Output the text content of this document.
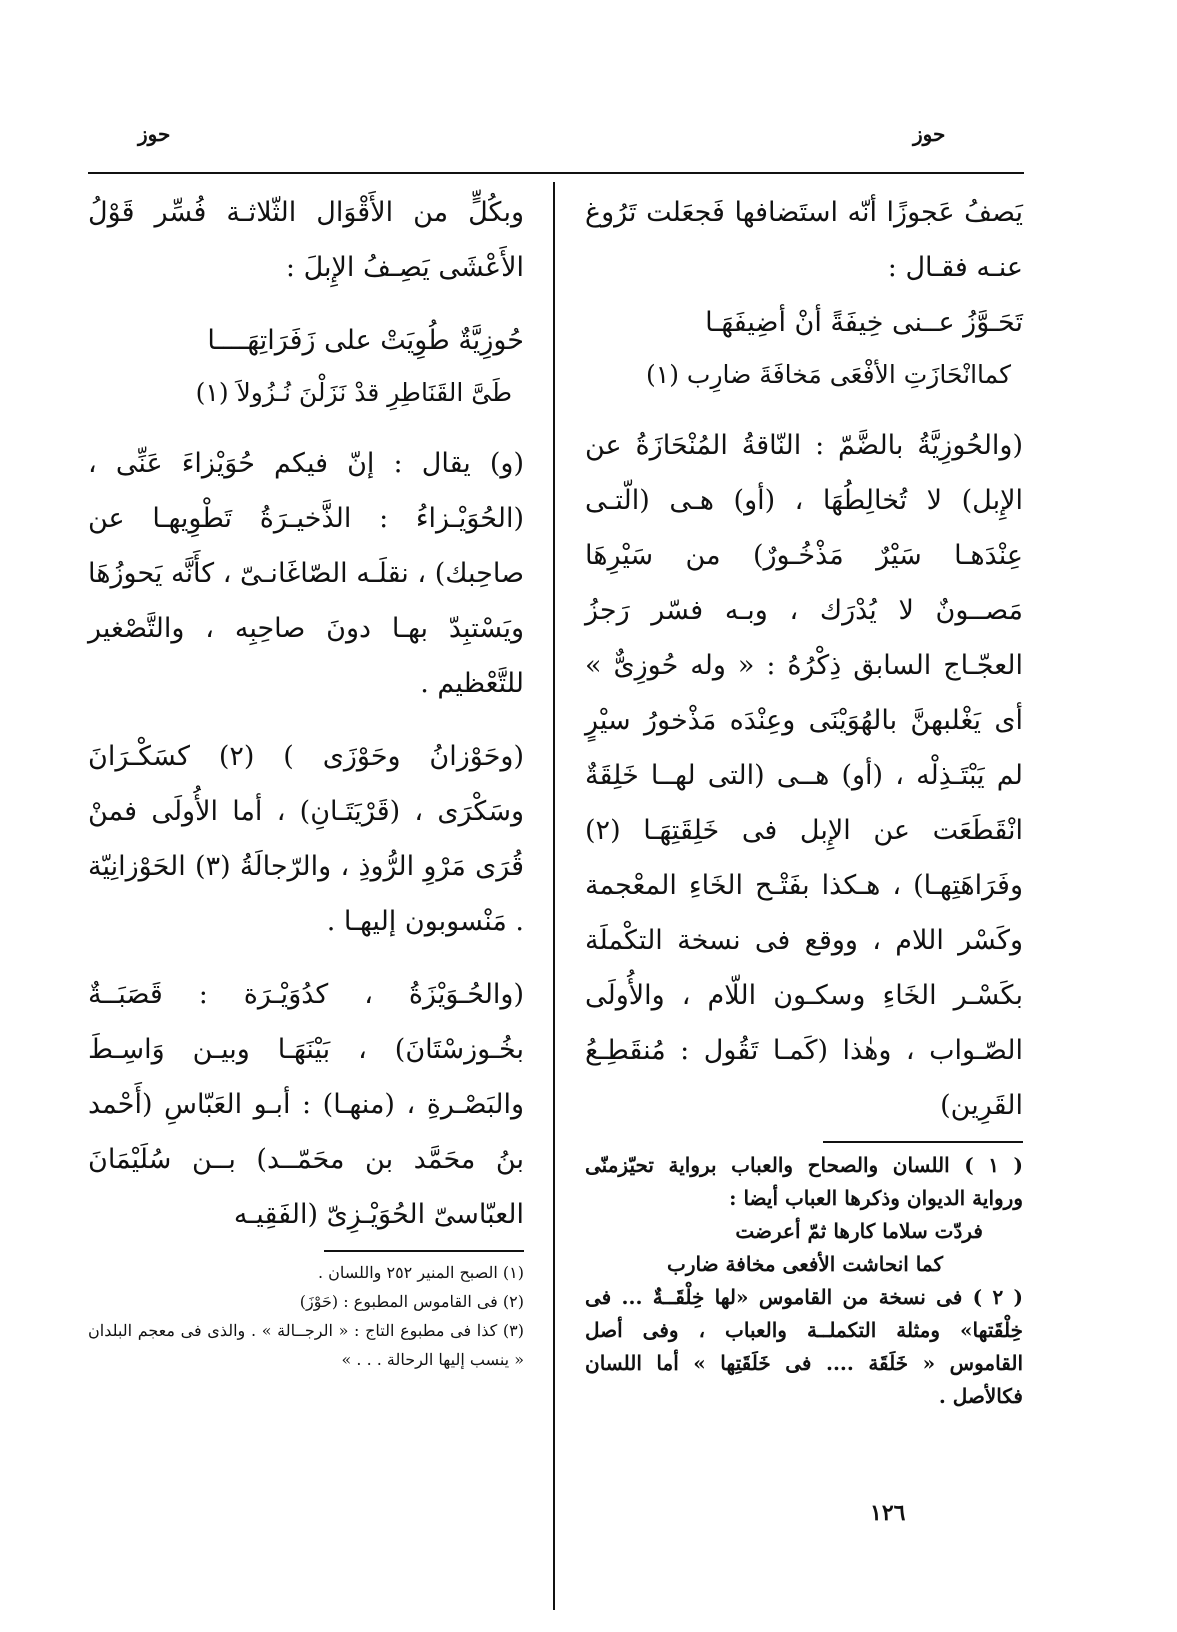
حوز
حوز

يَصفُ عَجوزًا أنّه استَضافها فَجعَلت تَرُوغ عنـه فقـال :

تَحَـوَّزُ عــنى خِيفَةً أنْ أضِيفَهَـا

كماانْحَازَتِ الأفْعَى مَخافَةَ ضارِب (١)

(والحُوزِيَّةُ بالضَّمّ : النّاقةُ المُنْحَازَةُ عن الإِبل) لا تُخالِطُهَا ، (أو) هـى (الّتـى عِنْدَهـا سَيْرٌ مَذْخُـورٌ) من سَيْرِهَا مَصــونٌ لا يُدْرَك ، وبـه فسّر رَجزُ العجّـاج السابق ذِكْرُهُ : « وله حُوزِىٌّ » أى يَغْلبهنَّ بالهُوَيْنَى وعِنْدَه مَذْخورُ سيْرٍ لم يَبْتَـذِلْه ، (أو) هــى (التى لهــا خَلِقَةٌ انْقَطَعَت عن الإِبل فى خَلِقَتِهَـا (٢) وفَرَاهَتِهـا) ، هـكذا بفَتْـح الخَاءِ المعْجمة وكَسْر اللام ، ووقع فى نسخة التكْملَة بكَسْـر الخَاءِ وسكـون اللّام ، والأُولَى الصّـواب ، وهٰذا (كَمـا تَقُول : مُنقَطِـعُ القَرِين)

( ١ ) اللسان والصحاح والعباب برواية تحيّزمنّى ورواية الديوان وذكرها العباب أيضا :

فردّت سلاما كارها ثمّ أعرضت

كما انحاشت الأفعى مخافة ضارب

( ٢ ) فى نسخة من القاموس «لها خِلْقَــةٌ ... فى خِلْقَتها» ومثلة التكملــة والعباب ، وفى أصل القاموس « خَلَقَة .... فى خَلَقَتِها » أما اللسان فكالأصل .

وبكُلٍّ من الأَقْوَال الثّلاثـة فُسِّر قَوْلُ الأَعْشَى يَصِـفُ الإِبلَ :

حُوزِيَّةٌ طُوِيَتْ على زَفَرَاتِهَــــا

طَىَّ القَنَاطِرِ قدْ نَزَلْنَ نُـزُولاَ (١)

(و) يقال : إنّ فيكم حُوَيْزاءَ عَنِّى ، (الحُوَيْـزاءُ : الذَّخيـرَةُ تَطْوِيهـا عن صاحِبك) ، نقلَـه الصّاغَانـىّ ، كأَنَّه يَحوزُهَا ويَسْتبِدّ بهـا دونَ صاحِبِه ، والتَّصْغير للتَّعْظيم .

(وحَوْزانُ وحَوْزَى ) (٢) كسَكْـرَانَ وسَكْرَى ، (قَرْيَتَـانِ) ، أما الأُولَى فمنْ قُرَى مَرْوِ الرُّوذِ ، والرّجالَةُ (٣) الحَوْزانِيّة . مَنْسوبون إليهـا .

(والحُـوَيْزَةُ ، كدُوَيْـرَة : قَصَبَــةٌ بخُـوزسْتَانَ) ، بَيْنَهَـا وبيـن وَاسِـطَ والبَصْـرةِ ، (منهـا) : أبـو العَبّاسِ (أَحْمد بنُ محَمَّد بن محَمّــد) بــن سُلَيْمَانَ العبّاسىّ الحُوَيْـزِىّ (الفَقِيـه

(١) الصبح المنير ٢٥٢ واللسان .

(٢) فى القاموس المطبوع : (حَوْزَ)

(٣) كذا فى مطبوع التاج : « الرجــالة » . والذى فى معجم البلدان « ينسب إليها الرحالة . . . »

١٢٦
